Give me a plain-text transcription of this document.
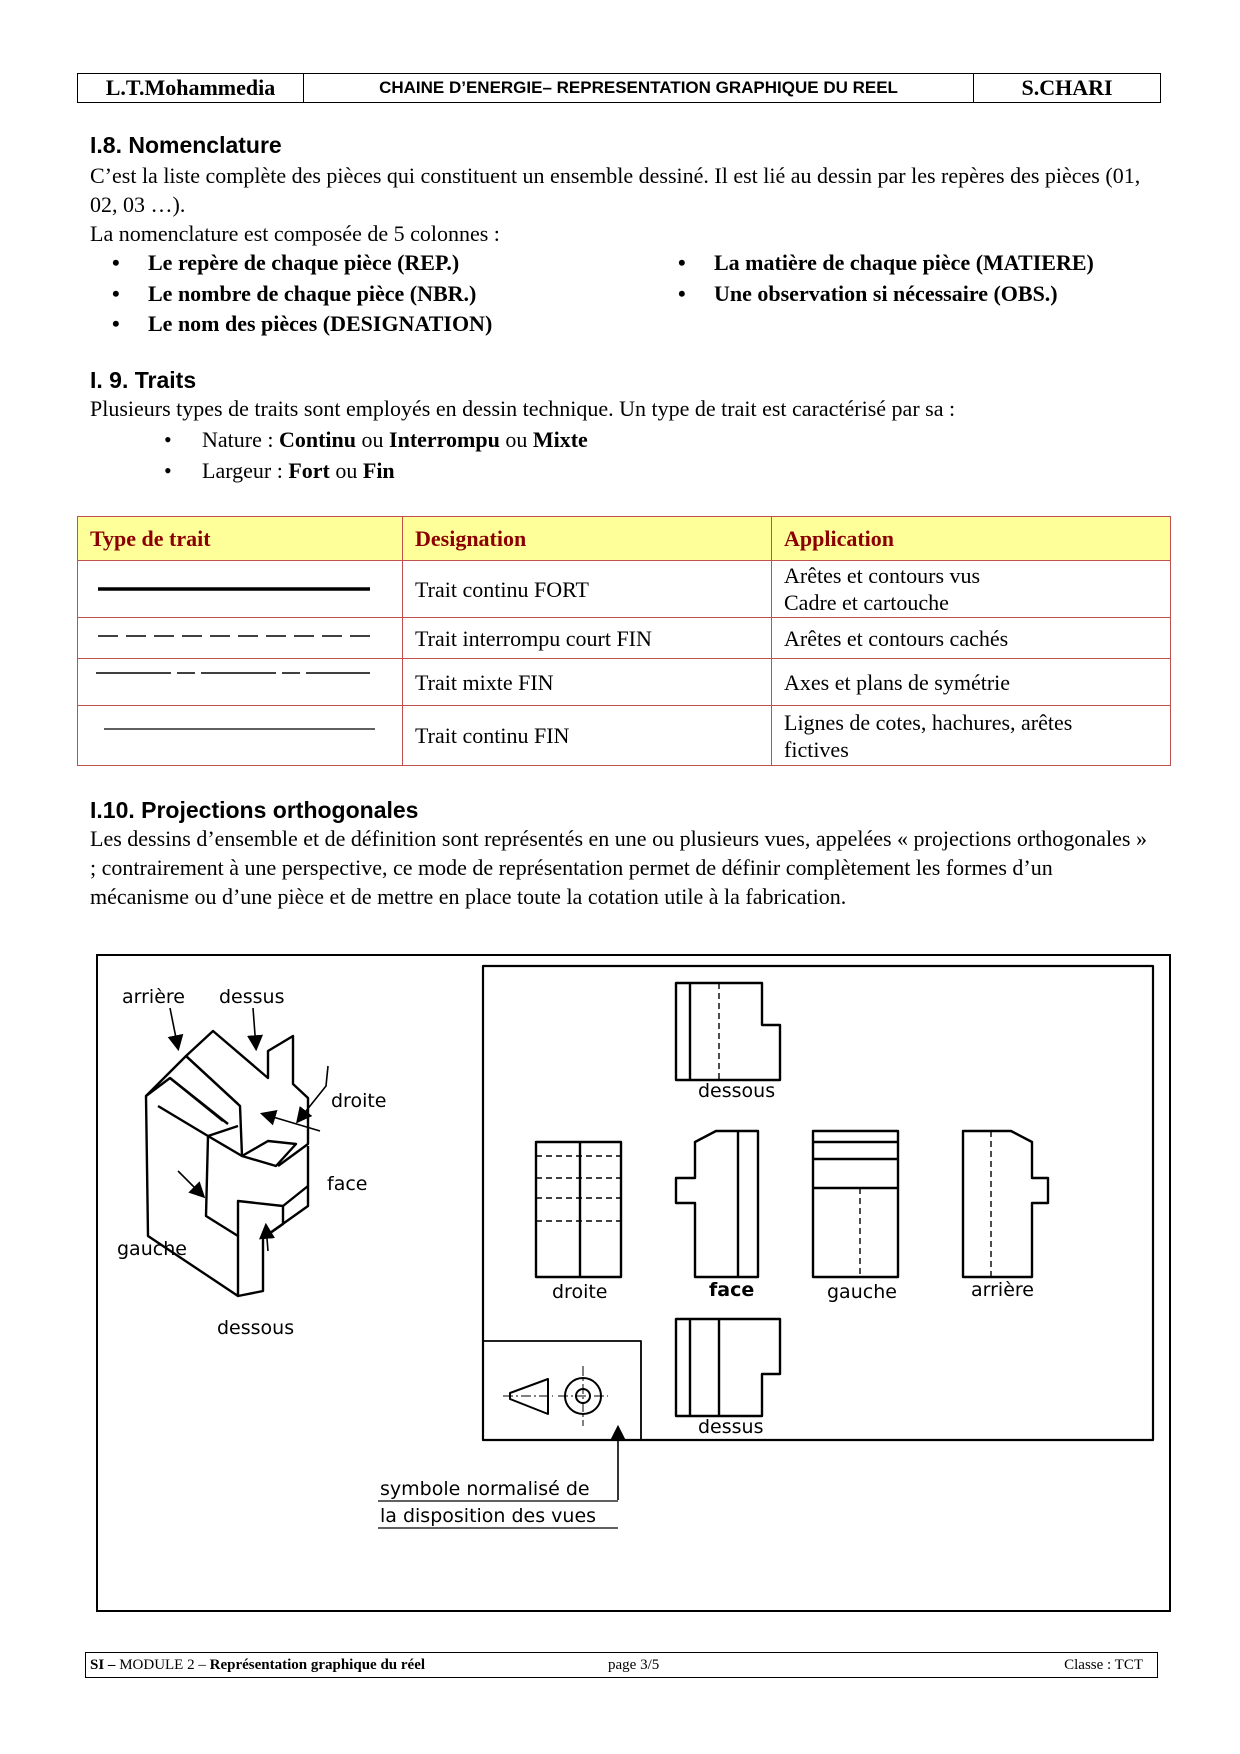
L.T.Mohammedia	CHAINE D’ENERGIE– REPRESENTATION GRAPHIQUE DU REEL	S.CHARI
I.8. Nomenclature
C’est la liste complète des pièces qui constituent un ensemble dessiné. Il est lié au dessin par les repères des pièces (01, 02, 03 …).
La nomenclature est composée de 5 colonnes :
• Le repère de chaque pièce (REP.)
• Le nombre de chaque pièce (NBR.)
• Le nom des pièces (DESIGNATION)
• La matière de chaque pièce (MATIERE)
• Une observation si nécessaire (OBS.)
I. 9. Traits
Plusieurs types de traits sont employés en dessin technique. Un type de trait est caractérisé par sa :
• Nature : Continu ou Interrompu ou Mixte
• Largeur : Fort ou Fin
Type de trait	Designation	Application
	Trait continu FORT	Arêtes et contours vus
Cadre et cartouche

	Trait interrompu court FIN	Arêtes et contours cachés
	Trait mixte FIN	Axes et plans de symétrie
	Trait continu FIN	Lignes de cotes, hachures, arêtes
fictives
I.10. Projections orthogonales
Les dessins d’ensemble et de définition sont représentés en une ou plusieurs vues, appelées « projections orthogonales » ; contrairement à une perspective, ce mode de représentation permet de définir complètement les formes d’un mécanisme ou d’une pièce et de mettre en place toute la cotation utile à la fabrication.
arrière dessus
droite
face
gauche
dessous
dessous
droite	face	gauche	arrière
dessus
symbole normalisé de
la disposition des vues
SI – MODULE 2 – Représentation graphique du réel	page 3/5	Classe : TCT
